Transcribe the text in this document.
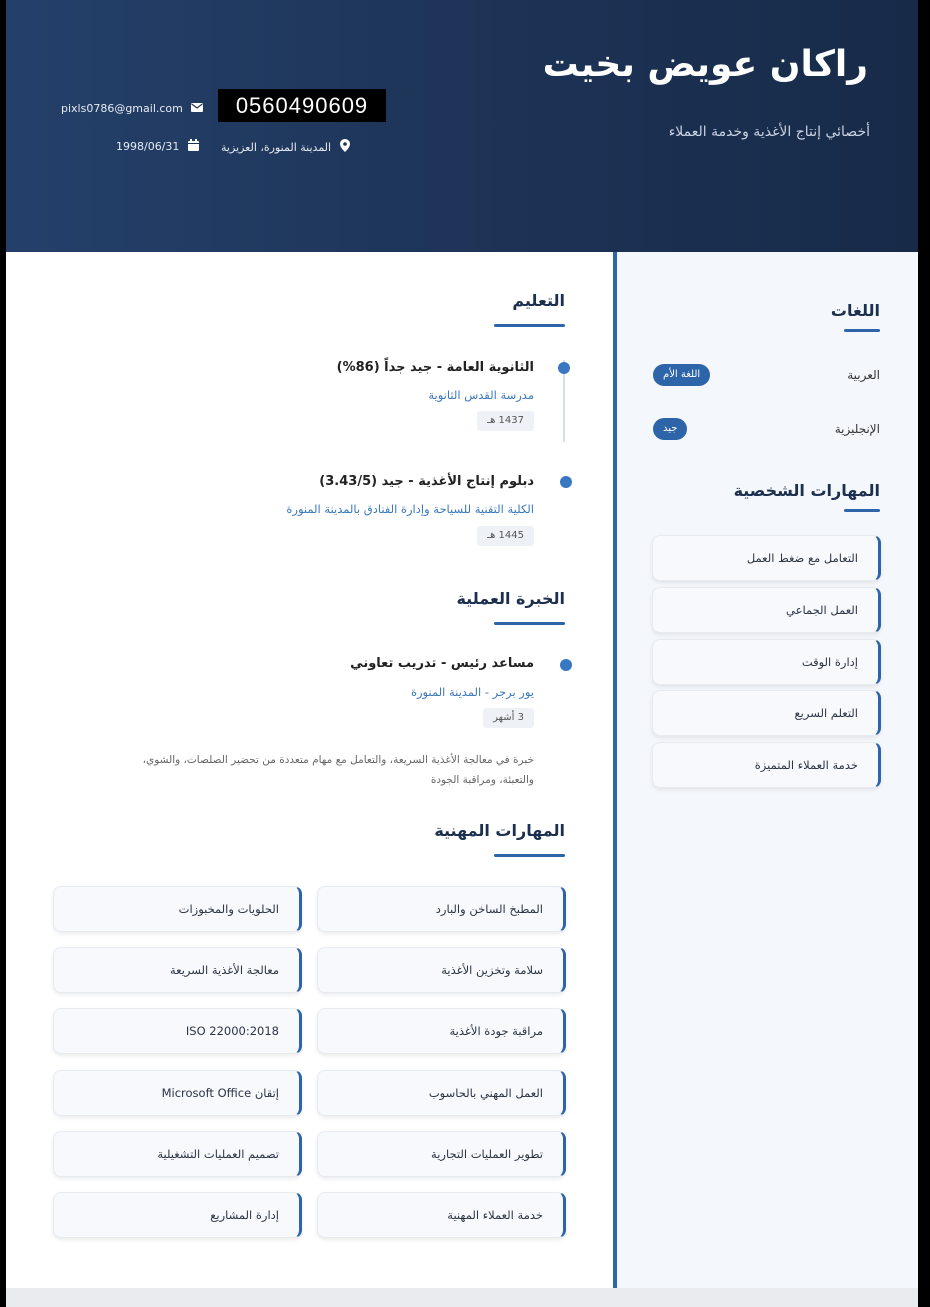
راكان عويض بخيت
أخصائي إنتاج الأغذية وخدمة العملاء
pixls0786@gmail.com	0560490609
1998/06/31	المدينة المنورة، العزيزية
التعليم
الثانوية العامة - جيد جداً (86%)
مدرسة القدس الثانوية
1437 هـ
دبلوم إنتاج الأغذية - جيد (3.43/5)
الكلية التقنية للسياحة وإدارة الفنادق بالمدينة المنورة
1445 هـ
الخبرة العملية
مساعد رئيس - تدريب تعاوني
يور برجر - المدينة المنورة
3 أشهر
خبرة في معالجة الأغذية السريعة، والتعامل مع مهام متعددة من تحضير الصلصات، والشوي،
والتعبئة، ومراقبة الجودة
المهارات المهنية
المطبخ الساخن والبارد
سلامة وتخزين الأغذية
مراقبة جودة الأغذية
العمل المهني بالحاسوب
تطوير العمليات التجارية
خدمة العملاء المهنية
الحلويات والمخبوزات
معالجة الأغذية السريعة
ISO 22000:2018
إتقان Microsoft Office
تصميم العمليات التشغيلية
إدارة المشاريع
اللغات
العربية
اللغة الأم
الإنجليزية
جيد
المهارات الشخصية
التعامل مع ضغط العمل
العمل الجماعي
إدارة الوقت
التعلم السريع
خدمة العملاء المتميزة
